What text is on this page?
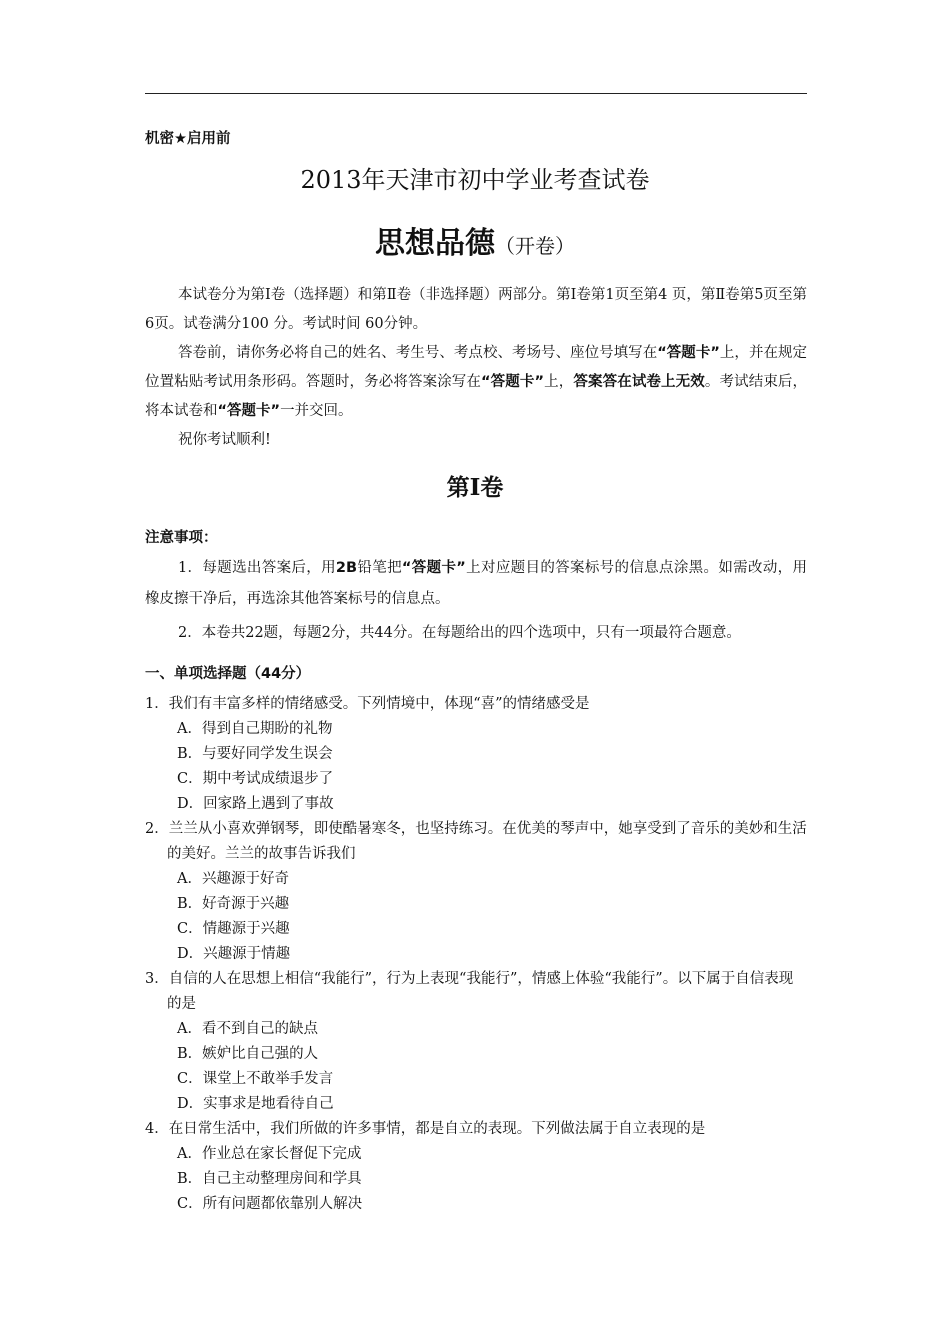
机密★启用前
2013年天津市初中学业考查试卷
思想品德（开卷）

本试卷分为第Ⅰ卷（选择题）和第Ⅱ卷（非选择题）两部分。第Ⅰ卷第1页至第4 页，第Ⅱ卷第5页至第6页。试卷满分100 分。考试时间 60分钟。

答卷前，请你务必将自己的姓名、考生号、考点校、考场号、座位号填写在“答题卡”上，并在规定位置粘贴考试用条形码。答题时，务必将答案涂写在“答题卡”上，答案答在试卷上无效。考试结束后，将本试卷和“答题卡”一并交回。

祝你考试顺利!

第Ⅰ卷
注意事项：

1．每题选出答案后，用2B铅笔把“答题卡”上对应题目的答案标号的信息点涂黑。如需改动，用橡皮擦干净后，再选涂其他答案标号的信息点。

2．本卷共22题，每题2分，共44分。在每题给出的四个选项中，只有一项最符合题意。

一、单项选择题（44分）

1．我们有丰富多样的情绪感受。下列情境中，体现“喜”的情绪感受是

A．得到自己期盼的礼物

B．与要好同学发生误会

C．期中考试成绩退步了

D．回家路上遇到了事故

2．兰兰从小喜欢弹钢琴，即使酷暑寒冬，也坚持练习。在优美的琴声中，她享受到了音乐的美妙和生活的美好。兰兰的故事告诉我们

A．兴趣源于好奇

B．好奇源于兴趣

C．情趣源于兴趣

D．兴趣源于情趣

3．自信的人在思想上相信“我能行”，行为上表现“我能行”，情感上体验“我能行”。以下属于自信表现的是

A．看不到自己的缺点

B．嫉妒比自己强的人

C．课堂上不敢举手发言

D．实事求是地看待自己

4．在日常生活中，我们所做的许多事情，都是自立的表现。下列做法属于自立表现的是

A．作业总在家长督促下完成

B．自己主动整理房间和学具

C．所有问题都依靠别人解决
